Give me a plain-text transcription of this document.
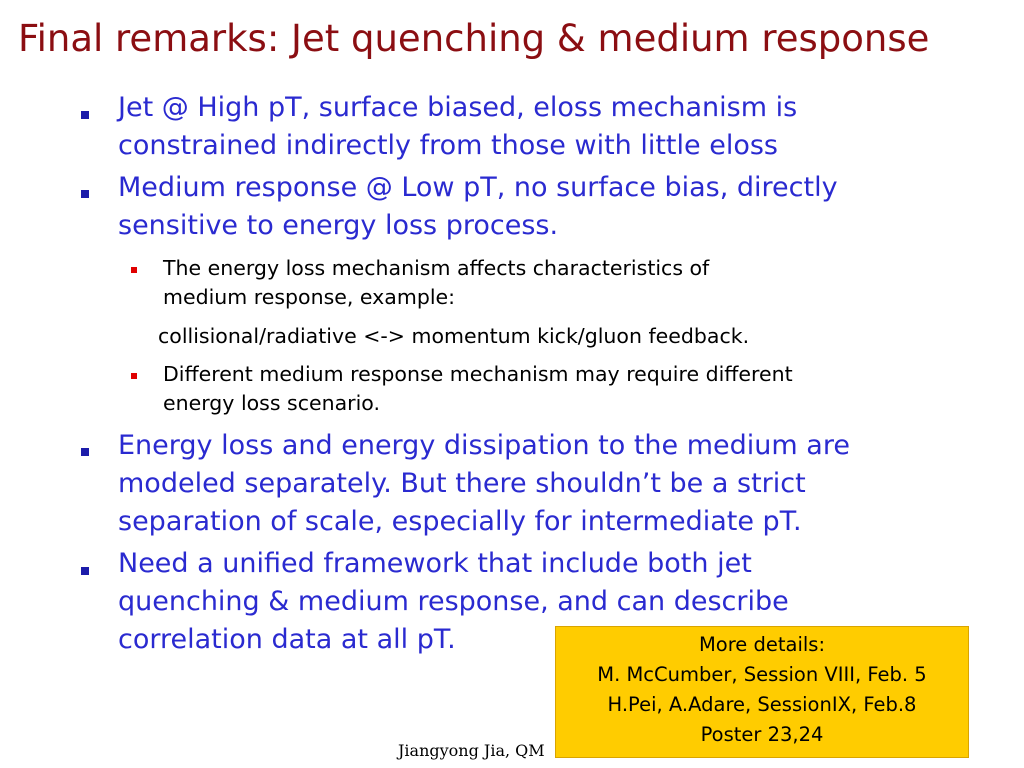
Final remarks: Jet quenching & medium response
Jet @ High pT, surface biased, eloss mechanism is
constrained indirectly from those with little eloss
Medium response @ Low pT, no surface bias, directly
sensitive to energy loss process.
The energy loss mechanism affects characteristics of
medium response, example:
collisional/radiative <-> momentum kick/gluon feedback.
Different medium response mechanism may require different
energy loss scenario.
Energy loss and energy dissipation to the medium are
modeled separately. But there shouldn’t be a strict
separation of scale, especially for intermediate pT.
Need a unified framework that include both jet
quenching & medium response, and can describe
correlation data at all pT.
Jiangyong Jia, QM
More details:
M. McCumber, Session VIII, Feb. 5
H.Pei, A.Adare, SessionIX, Feb.8
Poster 23,24
